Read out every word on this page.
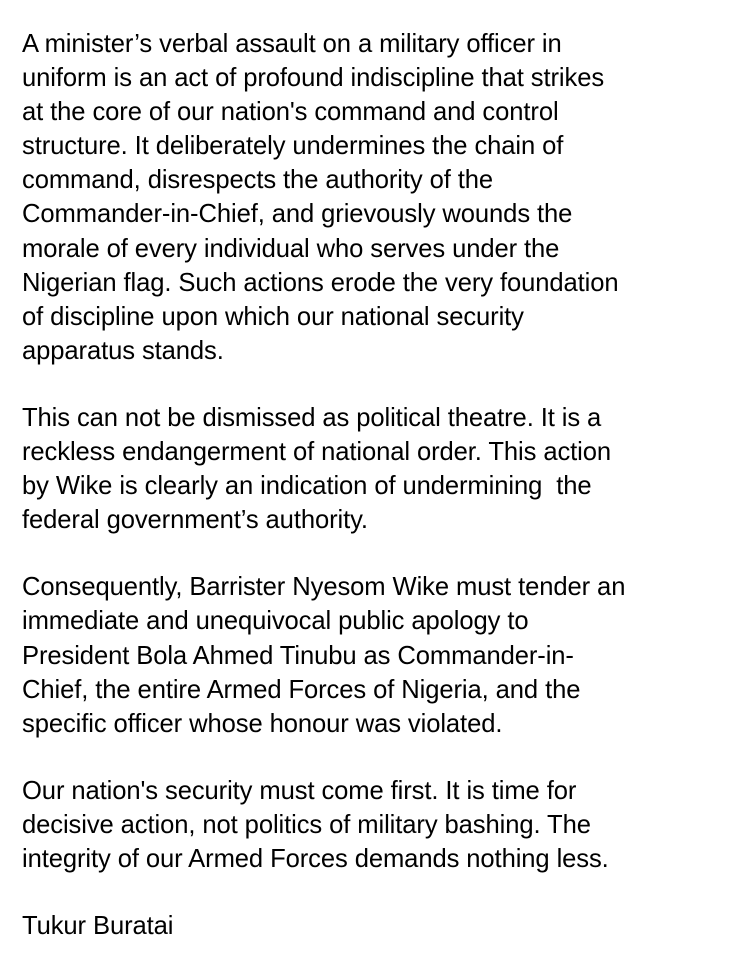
A minister’s verbal assault on a military officer in
uniform is an act of profound indiscipline that strikes
at the core of our nation's command and control
structure. It deliberately undermines the chain of
command, disrespects the authority of the
Commander-in-Chief, and grievously wounds the
morale of every individual who serves under the
Nigerian flag. Such actions erode the very foundation
of discipline upon which our national security
apparatus stands.
This can not be dismissed as political theatre. It is a
reckless endangerment of national order. This action
by Wike is clearly an indication of undermining  the
federal government’s authority.
Consequently, Barrister Nyesom Wike must tender an
immediate and unequivocal public apology to
President Bola Ahmed Tinubu as Commander-in-
Chief, the entire Armed Forces of Nigeria, and the
specific officer whose honour was violated.
Our nation's security must come first. It is time for
decisive action, not politics of military bashing. The
integrity of our Armed Forces demands nothing less.
Tukur Buratai
